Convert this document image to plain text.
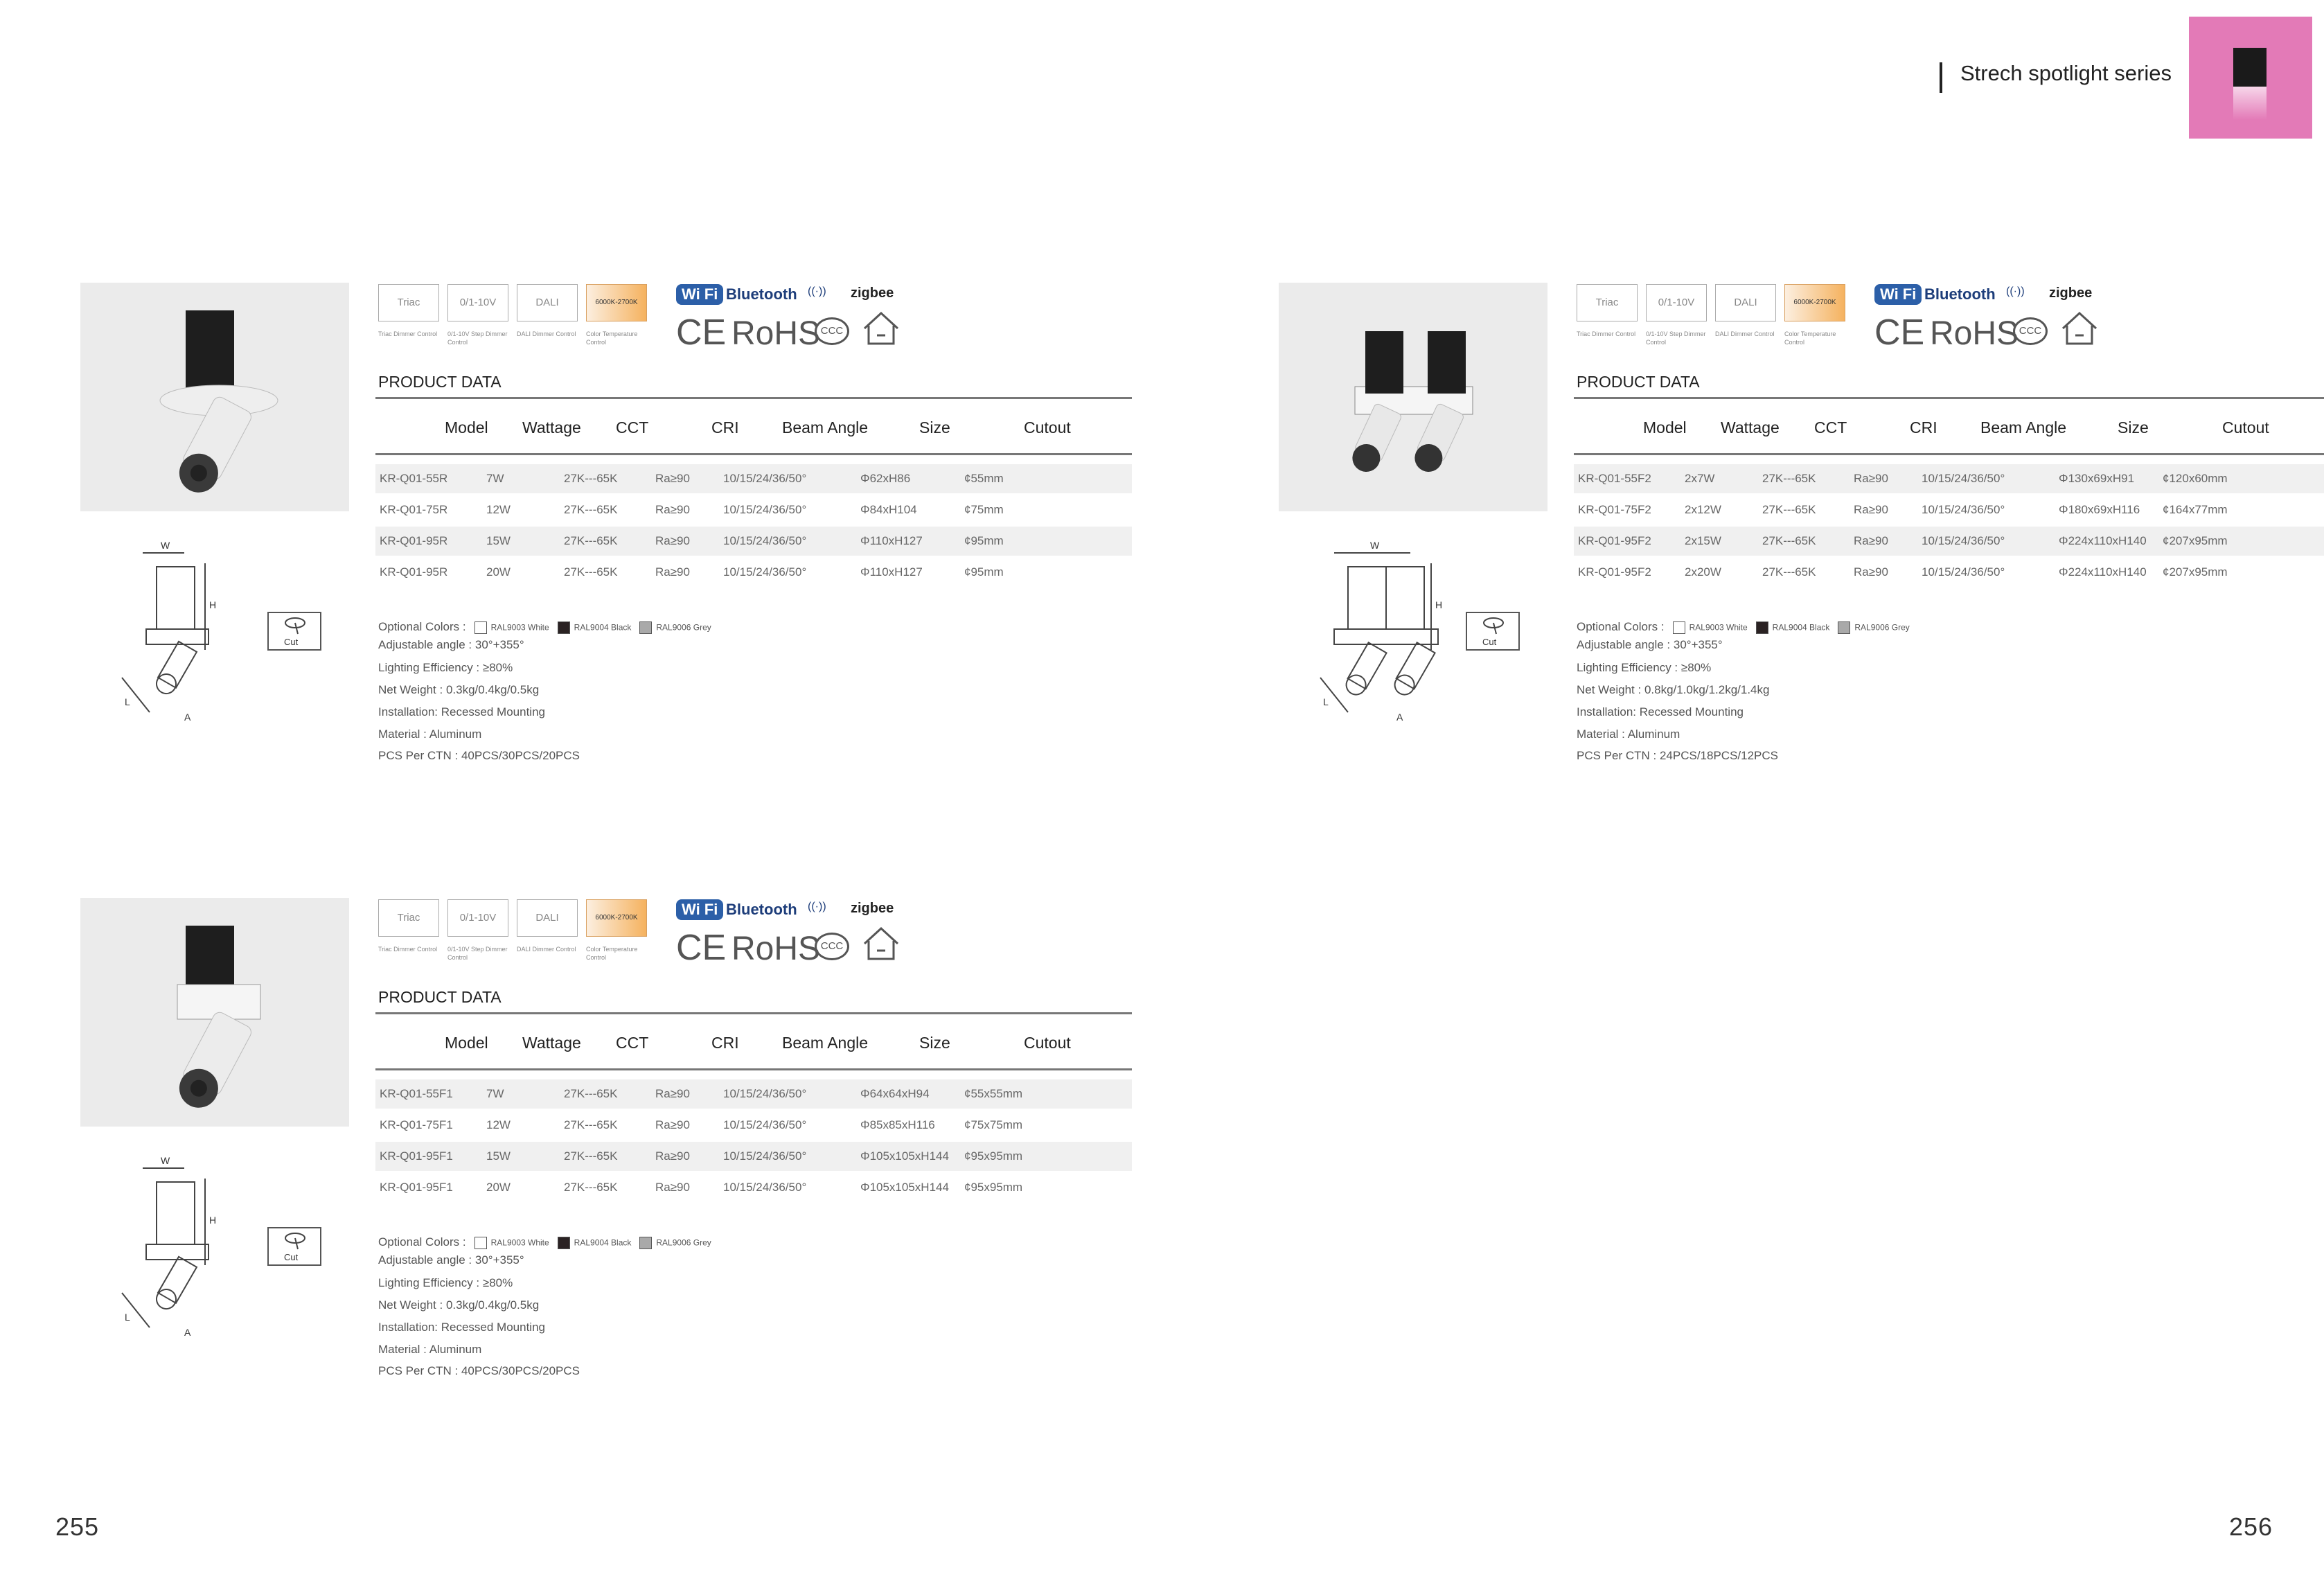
Strech spotlight series
255	256
W
H
L
A
Cut
Triac
Triac Dimmer Control
0/1-10V
0/1-10V Step Dimmer Control
DALI
DALI Dimmer Control
6000K-2700K
Color Temperature Control
Wi Fi Bluetooth ((·)) zigbee
CE RoHS CCC
PRODUCT DATA
Model Wattage CCT	CRI	Beam Angle	Size	Cutout
KR-Q01-55R	7W	27K---65K	Ra≥90	10/15/24/36/50°	Φ62xH86	¢55mm
KR-Q01-75R	12W	27K---65K	Ra≥90	10/15/24/36/50°	Φ84xH104	¢75mm
KR-Q01-95R	15W	27K---65K	Ra≥90	10/15/24/36/50°	Φ110xH127	¢95mm
KR-Q01-95R	20W	27K---65K	Ra≥90	10/15/24/36/50°	Φ110xH127	¢95mm
Optional Colors :	RAL9003 White	RAL9004 Black	RAL9006 Grey
Adjustable angle : 30°+355°
Lighting Efficiency : ≥80%
Net Weight : 0.3kg/0.4kg/0.5kg
Installation: Recessed Mounting
Material : Aluminum
PCS Per CTN : 40PCS/30PCS/20PCS
W
H
L
A
Cut
Triac
Triac Dimmer Control
0/1-10V
0/1-10V Step Dimmer Control
DALI
DALI Dimmer Control
6000K-2700K
Color Temperature Control
Wi Fi Bluetooth ((·)) zigbee
CE RoHS CCC
PRODUCT DATA
Model Wattage CCT	CRI	Beam Angle	Size	Cutout
KR-Q01-55F2	2x7W	27K---65K	Ra≥90	10/15/24/36/50°	Φ130x69xH91 ¢120x60mm
KR-Q01-75F2	2x12W	27K---65K	Ra≥90	10/15/24/36/50°	Φ180x69xH116 ¢164x77mm
KR-Q01-95F2	2x15W	27K---65K	Ra≥90	10/15/24/36/50°	Φ224x110xH140 ¢207x95mm
KR-Q01-95F2	2x20W	27K---65K	Ra≥90	10/15/24/36/50°	Φ224x110xH140 ¢207x95mm
Optional Colors :	RAL9003 White	RAL9004 Black	RAL9006 Grey
Adjustable angle : 30°+355°
Lighting Efficiency : ≥80%
Net Weight : 0.8kg/1.0kg/1.2kg/1.4kg
Installation: Recessed Mounting
Material : Aluminum
PCS Per CTN : 24PCS/18PCS/12PCS
W
H
L
A
Cut
Triac
Triac Dimmer Control
0/1-10V
0/1-10V Step Dimmer Control
DALI
DALI Dimmer Control
6000K-2700K
Color Temperature Control
Wi Fi Bluetooth ((·)) zigbee
CE RoHS CCC
PRODUCT DATA
Model Wattage CCT	CRI	Beam Angle	Size	Cutout
KR-Q01-55F1	7W	27K---65K	Ra≥90	10/15/24/36/50°	Φ64x64xH94	¢55x55mm
KR-Q01-75F1	12W	27K---65K	Ra≥90	10/15/24/36/50°	Φ85x85xH116 ¢75x75mm
KR-Q01-95F1	15W	27K---65K	Ra≥90	10/15/24/36/50°	Φ105x105xH144 ¢95x95mm
KR-Q01-95F1	20W	27K---65K	Ra≥90	10/15/24/36/50°	Φ105x105xH144 ¢95x95mm
Optional Colors :	RAL9003 White	RAL9004 Black	RAL9006 Grey
Adjustable angle : 30°+355°
Lighting Efficiency : ≥80%
Net Weight : 0.3kg/0.4kg/0.5kg
Installation: Recessed Mounting
Material : Aluminum
PCS Per CTN : 40PCS/30PCS/20PCS
